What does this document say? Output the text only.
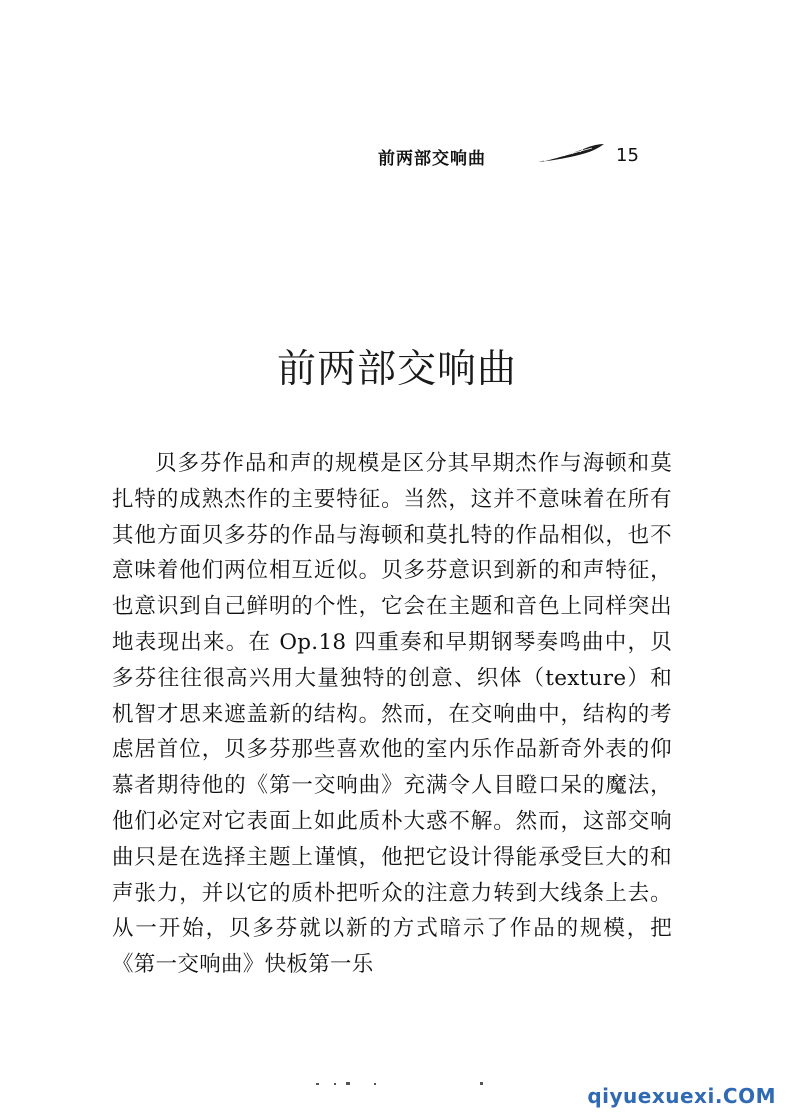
前两部交响曲	15
前两部交响曲

贝多芬作品和声的规模是区分其早期杰作与海顿和莫扎特的成熟杰作的主要特征。当然，这并不意味着在所有其他方面贝多芬的作品与海顿和莫扎特的作品相似，也不意味着他们两位相互近似。贝多芬意识到新的和声特征，也意识到自己鲜明的个性，它会在主题和音色上同样突出地表现出来。在 Op.18 四重奏和早期钢琴奏鸣曲中，贝多芬往往很高兴用大量独特的创意、织体（texture）和机智才思来遮盖新的结构。然而，在交响曲中，结构的考虑居首位，贝多芬那些喜欢他的室内乐作品新奇外表的仰慕者期待他的《第一交响曲》充满令人目瞪口呆的魔法，他们必定对它表面上如此质朴大惑不解。然而，这部交响曲只是在选择主题上谨慎，他把它设计得能承受巨大的和声张力，并以它的质朴把听众的注意力转到大线条上去。从一开始，贝多芬就以新的方式暗示了作品的规模，把《第一交响曲》快板第一乐

qiyuexuexi.COM
